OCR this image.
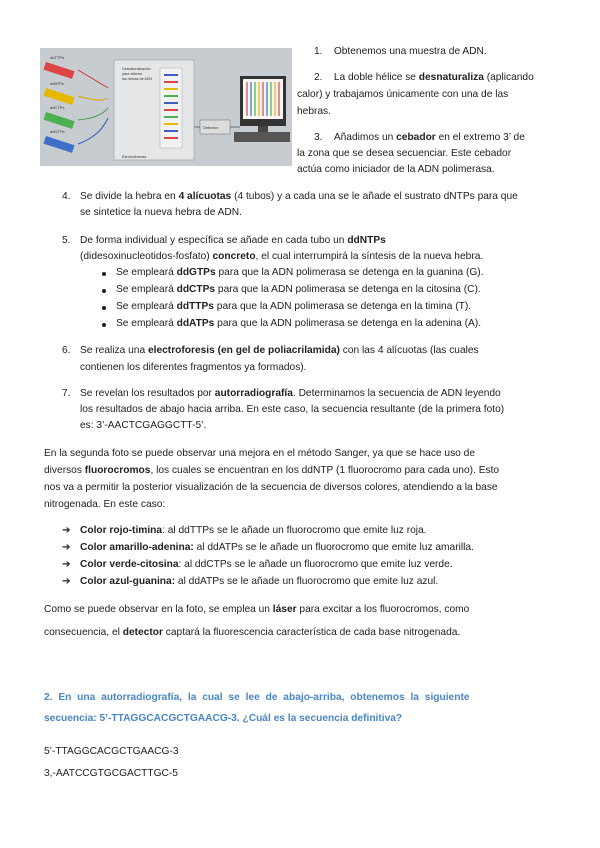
ddTTPs
ddATPs
ddCTPs
ddGTPs
Desnaturalización
para obtener
las hebras de ADN
Electroforesis
Detector
1. Obtenemos una muestra de ADN.
2. La doble hélice se desnaturaliza (aplicando
calor) y trabajamos únicamente con una de las
hebras.
3. Añadimos un cebador en el extremo 3’ de
la zona que se desea secuenciar. Este cebador
actúa como iniciador de la ADN polimerasa.
4. Se divide la hebra en 4 alícuotas (4 tubos) y a cada una se le añade el sustrato dNTPs para que
se sintetice la nueva hebra de ADN.
5. De forma individual y específica se añade en cada tubo un ddNTPs
(didesoxinucleotidos-fosfato) concreto, el cual interrumpirá la síntesis de la nueva hebra.
Se empleará ddGTPs para que la ADN polimerasa se detenga en la guanina (G).
Se empleará ddCTPs para que la ADN polimerasa se detenga en la citosina (C).
Se empleará ddTTPs para que la ADN polimerasa se detenga en la timina (T).
Se empleará ddATPs para que la ADN polimerasa se detenga en la adenina (A).
6. Se realiza una electroforesis (en gel de poliacrilamida) con las 4 alícuotas (las cuales
contienen los diferentes fragmentos ya formados).
7. Se revelan los resultados por autorradiografía. Determinamos la secuencia de ADN leyendo
los resultados de abajo hacia arriba. En este caso, la secuencia resultante (de la primera foto)
es: 3’-AACTCGAGGCTT-5’.
En la segunda foto se puede observar una mejora en el método Sanger, ya que se hace uso de
diversos fluorocromos, los cuales se encuentran en los ddNTP (1 fluorocromo para cada uno). Esto
nos va a permitir la posterior visualización de la secuencia de diversos colores, atendiendo a la base
nitrogenada. En este caso:
➔ Color rojo-timina: al ddTTPs se le añade un fluorocromo que emite luz roja.
➔ Color amarillo-adenina: al ddATPs se le añade un fluorocromo que emite luz amarilla.
➔ Color verde-citosina: al ddCTPs se le añade un fluorocromo que emite luz verde.
➔ Color azul-guanina: al ddATPs se le añade un fluorocromo que emite luz azul.
Como se puede observar en la foto, se emplea un láser para excitar a los fluorocromos, como
consecuencia, el detector captará la fluorescencia característica de cada base nitrogenada.
2. En una autorradiografía, la cual se lee de abajo-arriba, obtenemos la siguiente
secuencia: 5’-TTAGGCACGCTGAACG-3. ¿Cuál es la secuencia definitiva?
5’-TTAGGCACGCTGAACG-3
3,-AATCCGTGCGACTTGC-5
